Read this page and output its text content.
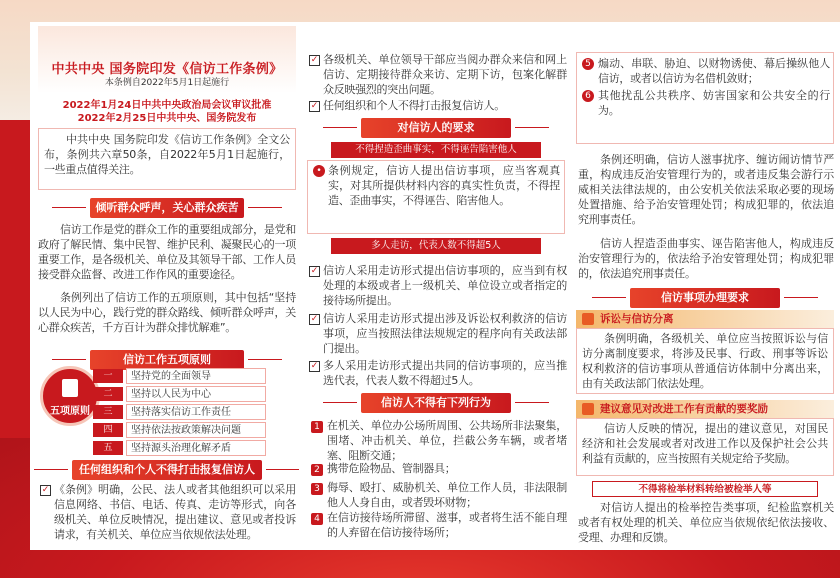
中共中央 国务院印发《信访工作条例》
本条例自2022年5月1日起施行
2022年1月24日中共中央政治局会议审议批准
2022年2月25日中共中央、国务院发布
中共中央 国务院印发《信访工作条例》全文公布，条例共六章50条，自2022年5月1日起施行，一些重点值得关注。
倾听群众呼声，关心群众疾苦
信访工作是党的群众工作的重要组成部分，是党和政府了解民情、集中民智、维护民利、凝聚民心的一项重要工作，是各级机关、单位及其领导干部、工作人员接受群众监督、改进工作作风的重要途径。
条例列出了信访工作的五项原则，其中包括“坚持以人民为中心，践行党的群众路线、倾听群众呼声，关心群众疾苦，千方百计为群众排忧解难”。
信访工作五项原则
五项原则
一	坚持党的全面领导
二	坚持以人民为中心
三	坚持落实信访工作责任
四	坚持依法按政策解决问题
五	坚持源头治理化解矛盾
任何组织和个人不得打击报复信访人
✓ 《条例》明确，公民、法人或者其他组织可以采用信息网络、书信、电话、传真、走访等形式，向各级机关、单位反映情况，提出建议、意见或者投诉请求，有关机关、单位应当依规依法处理。
✓ 各级机关、单位领导干部应当阅办群众来信和网上信访、定期接待群众来访、定期下访，包案化解群众反映强烈的突出问题。
✓ 任何组织和个人不得打击报复信访人。
对信访人的要求
不得捏造歪曲事实，不得诬告陷害他人
条例规定，信访人提出信访事项，应当客观真实，对其所提供材料内容的真实性负责，不得捏造、歪曲事实，不得诬告、陷害他人。
•
多人走访，代表人数不得超5人
✓ 信访人采用走访形式提出信访事项的，应当到有权处理的本级或者上一级机关、单位设立或者指定的接待场所提出。
✓ 信访人采用走访形式提出涉及诉讼权利救济的信访事项，应当按照法律法规规定的程序向有关政法部门提出。
✓ 多人采用走访形式提出共同的信访事项的，应当推选代表，代表人数不得超过5人。
信访人不得有下列行为
1 在机关、单位办公场所周围、公共场所非法聚集，围堵、冲击机关、单位，拦截公务车辆，或者堵塞、阻断交通；
2 携带危险物品、管制器具；
3 侮辱、殴打、威胁机关、单位工作人员，非法限制他人人身自由，或者毁坏财物；
4 在信访接待场所滞留、滋事，或者将生活不能自理的人弃留在信访接待场所；
5 煽动、串联、胁迫、以财物诱使、幕后操纵他人信访，或者以信访为名借机敛财；
6 其他扰乱公共秩序、妨害国家和公共安全的行为。
条例还明确，信访人滋事扰序、缠访闹访情节严重，构成违反治安管理行为的，或者违反集会游行示威相关法律法规的，由公安机关依法采取必要的现场处置措施、给予治安管理处罚；构成犯罪的，依法追究刑事责任。
信访人捏造歪曲事实、诬告陷害他人，构成违反治安管理行为的，依法给予治安管理处罚；构成犯罪的，依法追究刑事责任。
信访事项办理要求
诉讼与信访分离
条例明确，各级机关、单位应当按照诉讼与信访分离制度要求，将涉及民事、行政、刑事等诉讼权利救济的信访事项从普通信访体制中分离出来，由有关政法部门依法处理。
建议意见对改进工作有贡献的要奖励
信访人反映的情况，提出的建议意见，对国民经济和社会发展或者对改进工作以及保护社会公共利益有贡献的，应当按照有关规定给予奖励。
不得将检举材料转给被检举人等
对信访人提出的检举控告类事项，纪检监察机关或者有权处理的机关、单位应当依规依纪依法接收、受理、办理和反馈。
